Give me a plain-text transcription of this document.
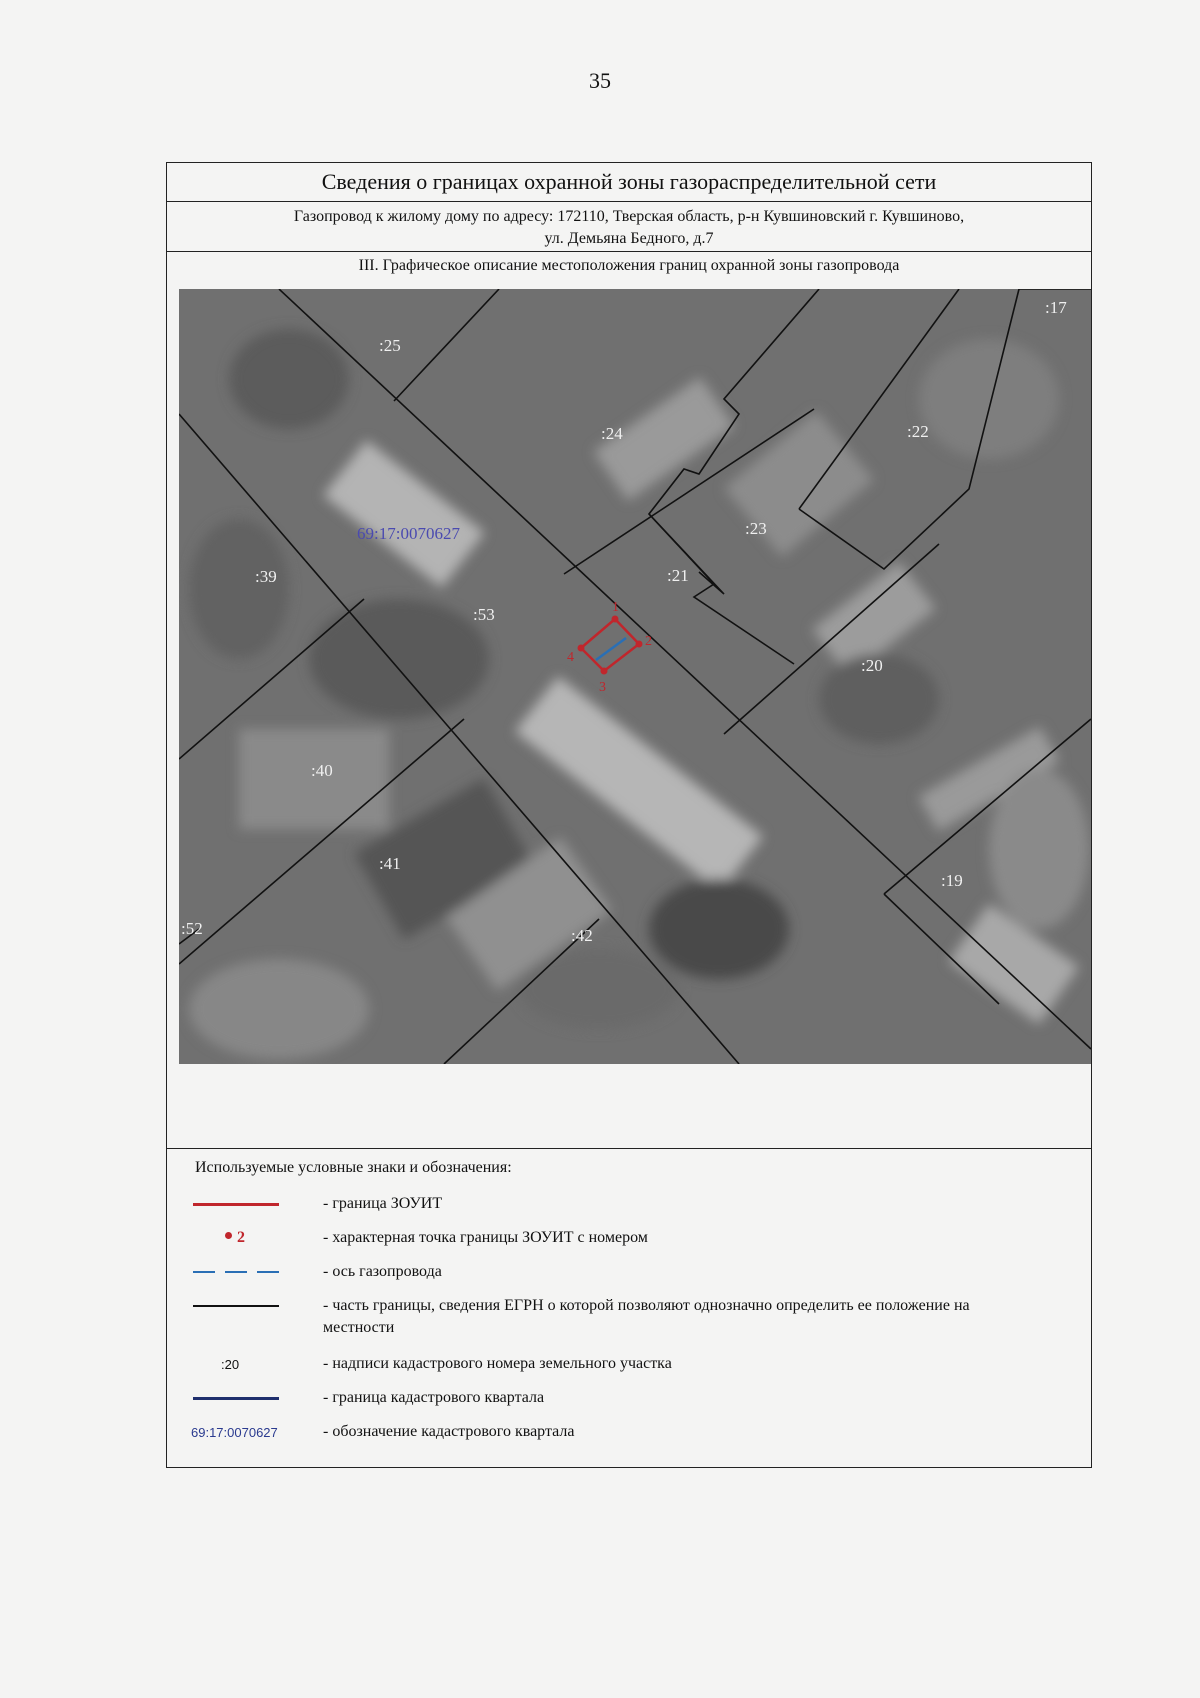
35
Сведения о границах охранной зоны газораспределительной сети
Газопровод к жилому дому по адресу: 172110, Тверская область, р-н Кувшиновский г. Кувшиново,
ул. Демьяна Бедного, д.7
III. Графическое описание местоположения границ охранной зоны газопровода
1
2
3
4
:25
:24	:22
:17
:23
:21
:39
:53
:20
:40
:41
:19
:52	:42
69:17:0070627
Используемые условные знаки и обозначения:
- граница ЗОУИТ
2	- характерная точка границы ЗОУИТ с номером
- ось газопровода
- часть границы, сведения ЕГРН о которой позволяют однозначно определить ее положение на местности
:20	- надписи кадастрового номера земельного участка
- граница кадастрового квартала
69:17:0070627	- обозначение кадастрового квартала
